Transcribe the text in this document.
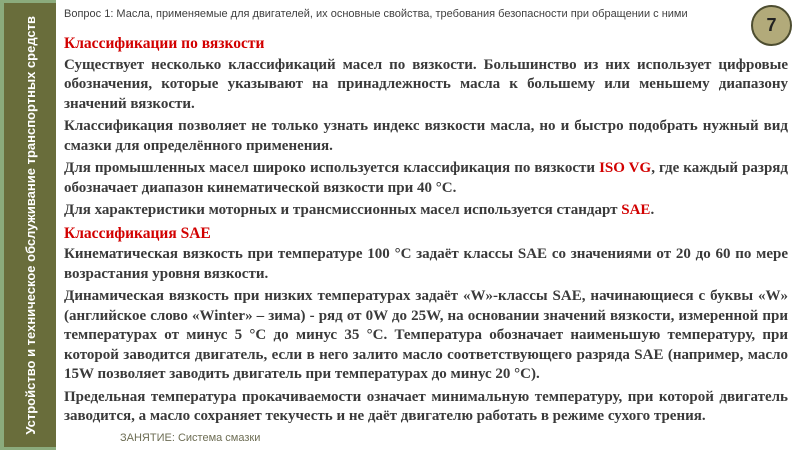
Устройство и техническое обслуживание транспортных средств
Вопрос 1: Масла, применяемые для двигателей, их основные свойства, требования безопасности при обращении с ними
7

Классификации по вязкости

Существует несколько классификаций масел по вязкости. Большинство из них использует цифровые обозначения, которые указывают на принадлежность масла к большему или меньшему диапазону значений вязкости.

Классификация позволяет не только узнать индекс вязкости масла, но и быстро подобрать нужный вид смазки для определённого применения.

Для промышленных масел широко используется классификация по вязкости ISO VG, где каждый разряд обозначает диапазон кинематической вязкости при 40 °С.

Для характеристики моторных и трансмиссионных масел используется стандарт SAE.

Классификация SAE

Кинематическая вязкость при температуре 100 °С задаёт классы SAE со значениями от 20 до 60 по мере возрастания уровня вязкости.

Динамическая вязкость при низких температурах задаёт «W»-классы SAE, начинающиеся с буквы «W» (английское слово «Winter» – зима) - ряд от 0W до 25W, на основании значений вязкости, измеренной при температурах от минус 5 °С до минус 35 °С. Температура обозначает наименьшую температуру, при которой заводится двигатель, если в него залито масло соответствующего разряда SAE (например, масло 15W позволяет заводить двигатель при температурах до минус 20 °С).

Предельная температура прокачиваемости означает минимальную температуру, при которой двигатель заводится, а масло сохраняет текучесть и не даёт двигателю работать в режиме сухого трения.

ЗАНЯТИЕ: Система смазки
